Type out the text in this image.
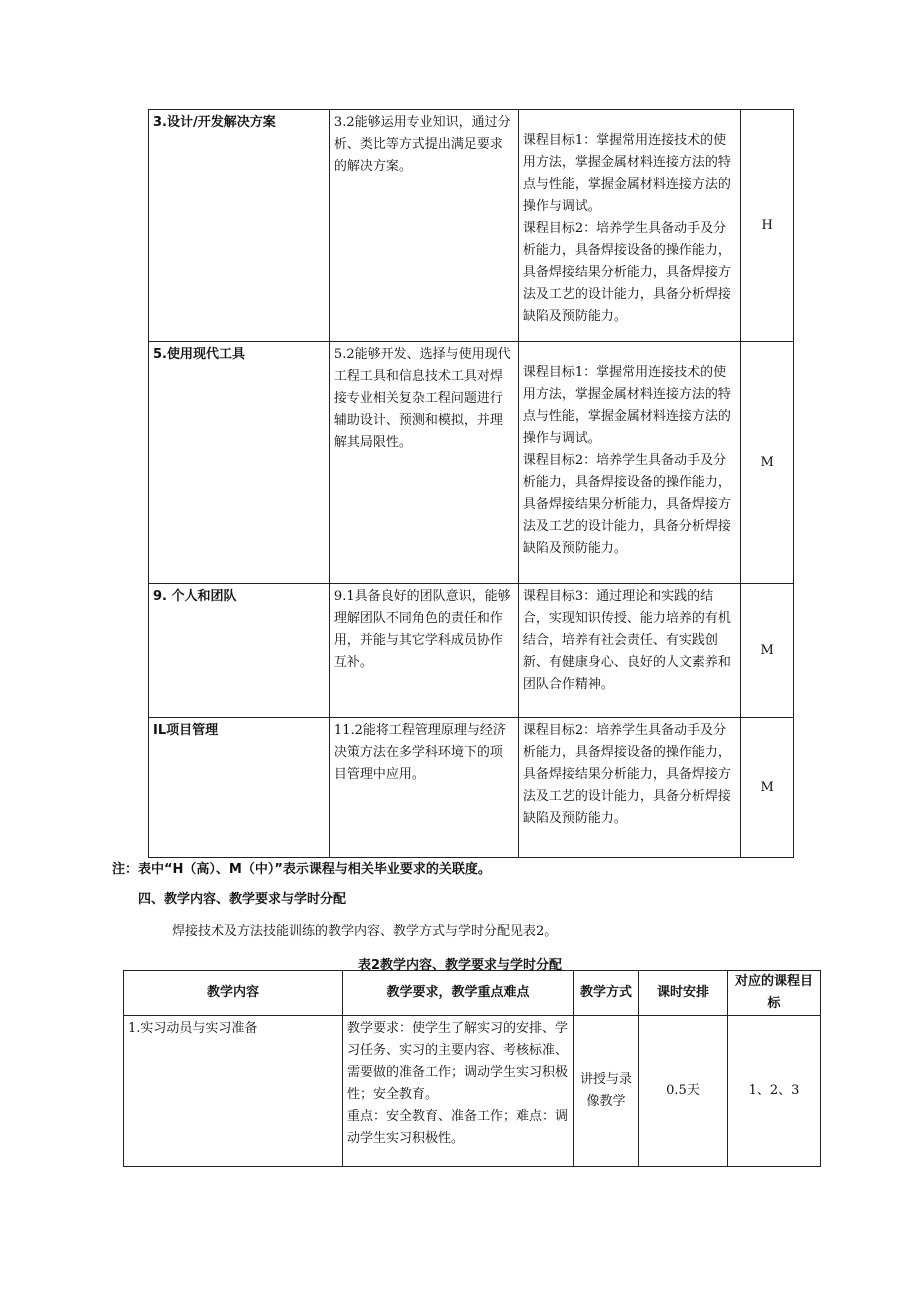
3.设计/开发解决方案	3.2能够运用专业知识，通过分析、类比等方式提出满足要求的解决方案。	课程目标1：掌握常用连接技术的使用方法，掌握金属材料连接方法的特点与性能，掌握金属材料连接方法的操作与调试。
课程目标2：培养学生具备动手及分析能力，具备焊接设备的操作能力，具备焊接结果分析能力，具备焊接方法及工艺的设计能力，具备分析焊接缺陷及预防能力。	H
5.使用现代工具	5.2能够开发、选择与使用现代工程工具和信息技术工具对焊接专业相关复杂工程问题进行辅助设计、预测和模拟，并理解其局限性。	课程目标1：掌握常用连接技术的使用方法，掌握金属材料连接方法的特点与性能，掌握金属材料连接方法的操作与调试。
课程目标2：培养学生具备动手及分析能力，具备焊接设备的操作能力，具备焊接结果分析能力，具备焊接方法及工艺的设计能力，具备分析焊接缺陷及预防能力。	M
9. 个人和团队	9.1具备良好的团队意识，能够理解团队不同角色的责任和作用，并能与其它学科成员协作互补。	课程目标3：通过理论和实践的结合，实现知识传授、能力培养的有机结合，培养有社会责任、有实践创新、有健康身心、良好的人文素养和团队合作精神。	M
IL项目管理	11.2能将工程管理原理与经济决策方法在多学科环境下的项目管理中应用。	课程目标2：培养学生具备动手及分析能力，具备焊接设备的操作能力，具备焊接结果分析能力，具备焊接方法及工艺的设计能力，具备分析焊接缺陷及预防能力。	M
注：表中“H（高）、M（中）”表示课程与相关毕业要求的关联度。
四、教学内容、教学要求与学时分配
焊接技术及方法技能训练的教学内容、教学方式与学时分配见表2。
表2教学内容、教学要求与学时分配
教学内容	教学要求，教学重点难点	教学方式	课时安排	对应的课程目标
1.实习动员与实习准备	教学要求：使学生了解实习的安排、学习任务、实习的主要内容、考核标准、需要做的准备工作；调动学生实习积极性；安全教育。
重点：安全教育、准备工作；难点：调动学生实习积极性。	讲授与录像教学	0.5天	1、2、3
